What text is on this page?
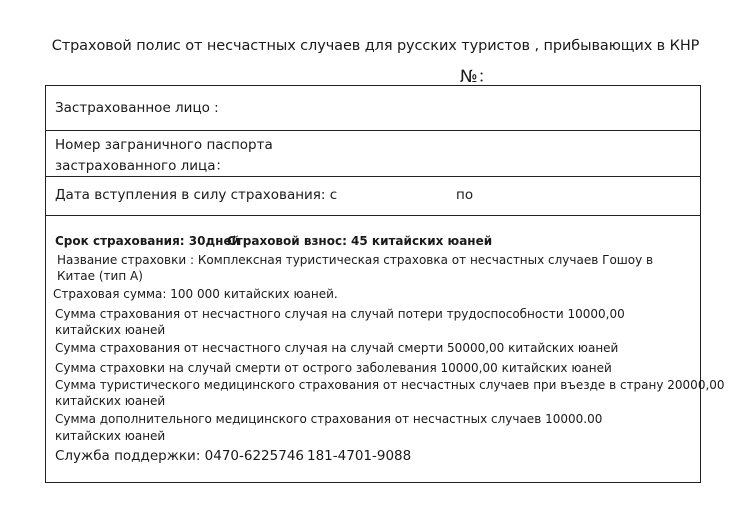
Страховой полис от несчастных случаев для русских туристов , прибывающих в КНР
№：
Застрахованное лицо :
Номер заграничного паспорта
застрахованного лица：
Дата вступления в силу страхования: с	по
Срок страхования: 30дней
Страховой взнос: 45 китайских юаней
Название страховки : Комплексная туристическая страховка от несчастных случаев Гошоу в
Китае (тип А)
Страховая сумма: 100 000 китайских юаней.
Сумма страхования от несчастного случая на случай потери трудоспособности 10000,00
китайских юаней
Сумма страхования от несчастного случая на случай смерти 50000,00 китайских юаней
Сумма страховки на случай смерти от острого заболевания 10000,00 китайских юаней
Сумма туристического медицинского страхования от несчастных случаев при въезде в страну 20000,00
китайских юаней
Сумма дополнительного медицинского страхования от несчастных случаев 10000.00
китайских юаней
Служба поддержки: 0470-6225746 181-4701-9088
